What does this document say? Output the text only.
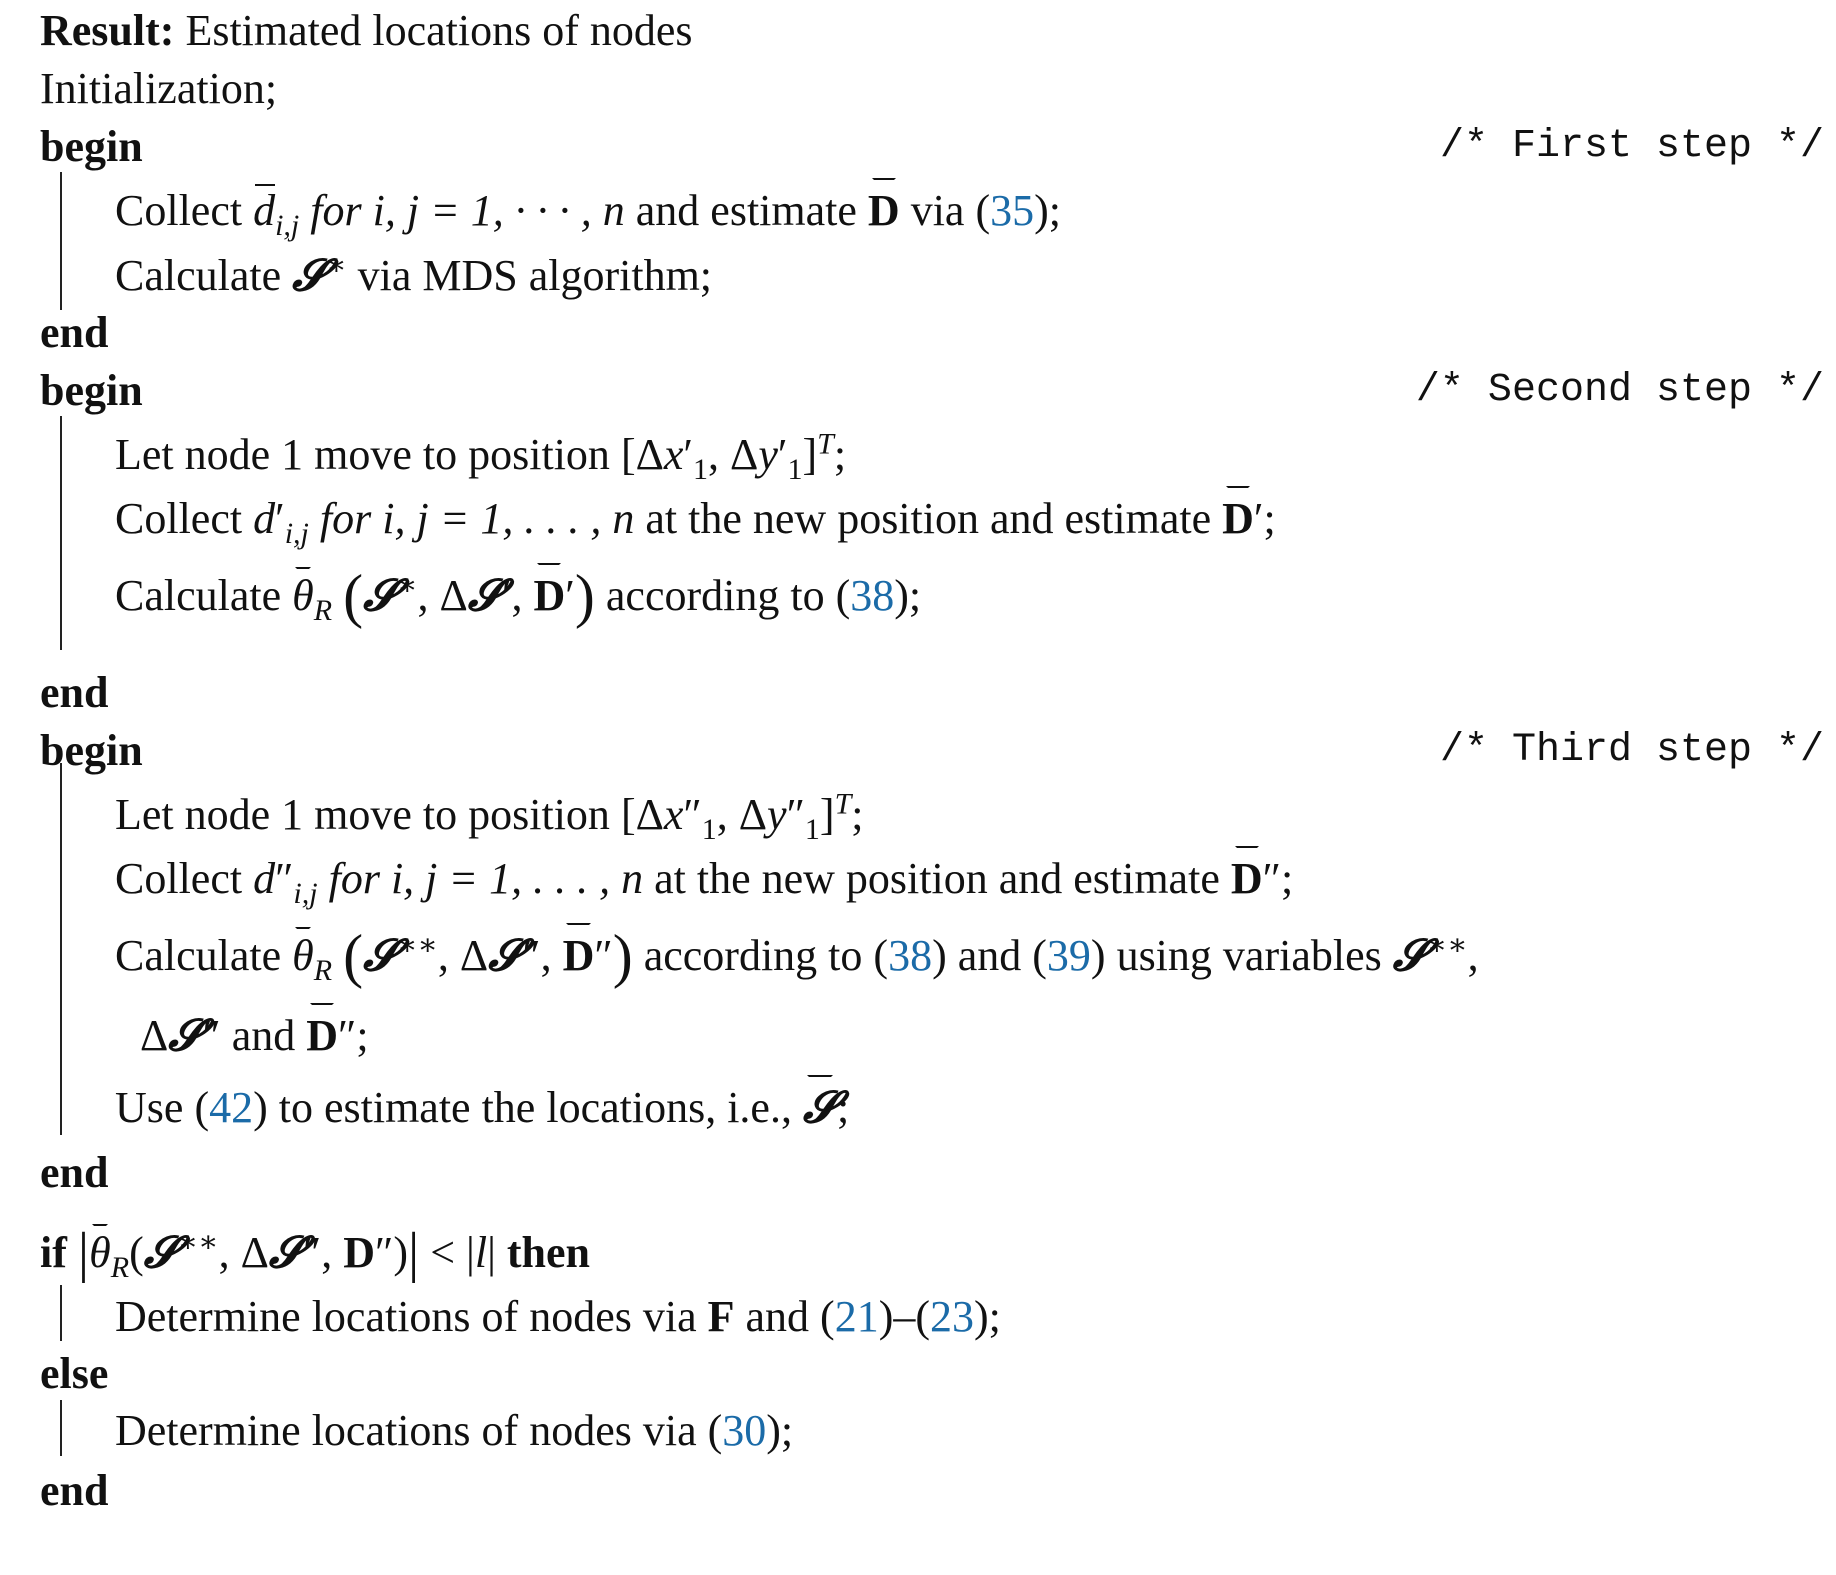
Result: Estimated locations of nodes
Initialization;
begin	/* First step */
Collect $d_{i,j}$ for i, j = 1, · · · , n and estimate D via (35);
Calculate 𝓢∗ via MDS algorithm;
end
begin	/* Second step */
Let node 1 move to position [$\Delta x'_1$, $\Delta y'_1]^T$;
Collect $d'_{i,j}$ for i, j = 1, . . . , n at the new position and estimate D′;
Calculate $\theta_R$ (𝓢∗, Δ𝓢′, D′) according to (38);
end
begin	/* Third step */
Let node 1 move to position [$\Delta x''_1$, $\Delta y''_1]^T$;
Collect $d''_{i,j}$ for i, j = 1, . . . , n at the new position and estimate D″;
Calculate $\theta_R$ (𝓢∗∗, Δ𝓢″, D″) according to (38) and (39) using variables 𝓢∗∗,
Δ𝓢″ and D″;
Use (42) to estimate the locations, i.e., 𝓢;
end
if $|\theta_R(𝓢^{∗∗}$, Δ𝓢″, D″)| < |l| then
Determine locations of nodes via F and (21)–(23);
else
Determine locations of nodes via (30);
end
